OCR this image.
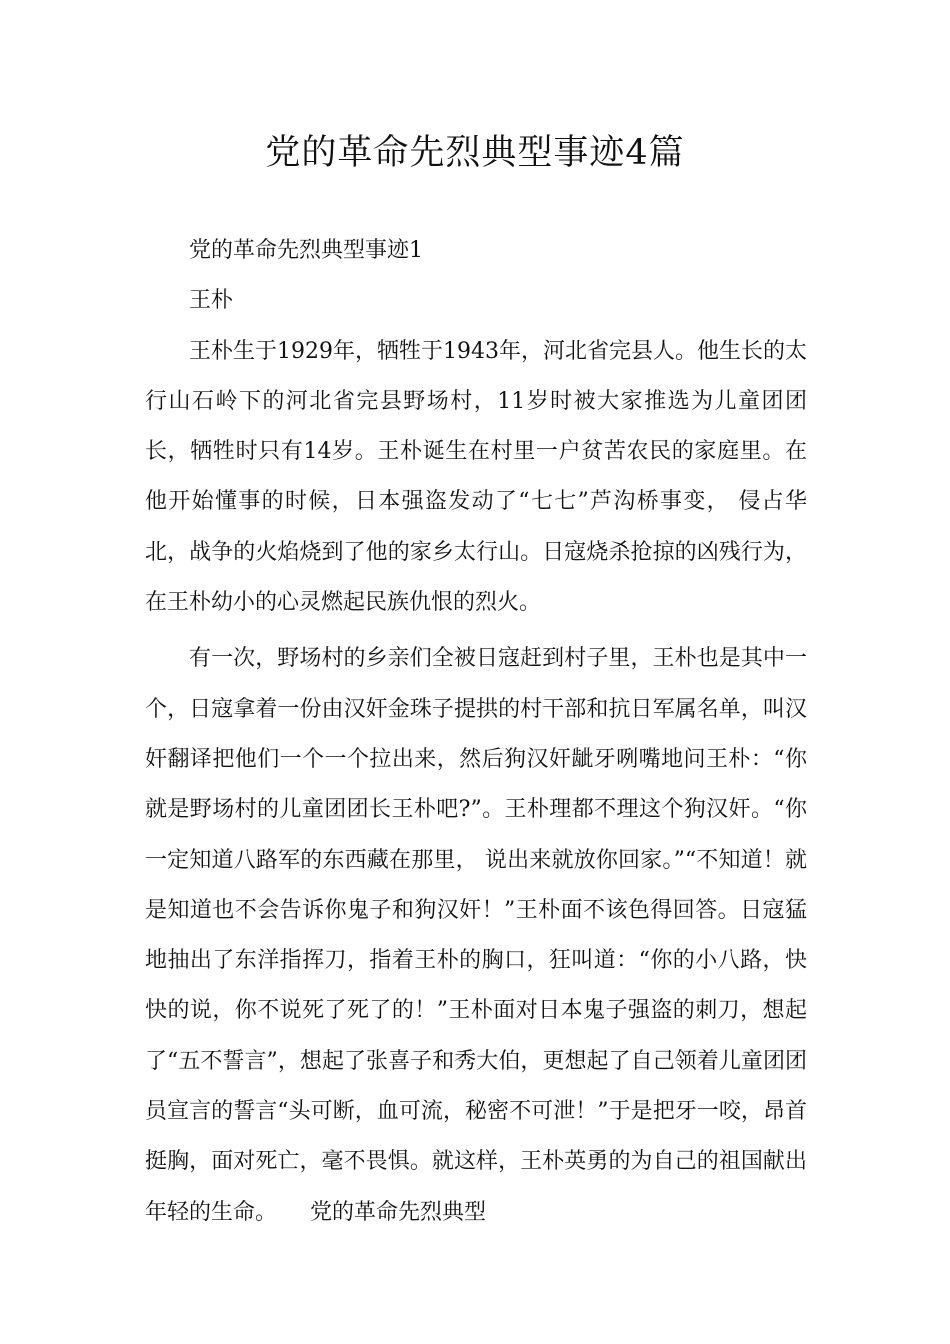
党的革命先烈典型事迹4篇

党的革命先烈典型事迹1

王朴

王朴生于1929年，牺牲于1943年，河北省完县人。他生长的太行山石岭下的河北省完县野场村，11岁时被大家推选为儿童团团长，牺牲时只有14岁。王朴诞生在村里一户贫苦农民的家庭里。在他开始懂事的时候，日本强盗发动了“七七”芦沟桥事变， 侵占华北，战争的火焰烧到了他的家乡太行山。日寇烧杀抢掠的凶残行为，在王朴幼小的心灵燃起民族仇恨的烈火。

有一次，野场村的乡亲们全被日寇赶到村子里，王朴也是其中一个，日寇拿着一份由汉奸金珠子提拱的村干部和抗日军属名单，叫汉奸翻译把他们一个一个拉出来，然后狗汉奸龇牙咧嘴地问王朴：“你就是野场村的儿童团团长王朴吧?”。王朴理都不理这个狗汉奸。“你一定知道八路军的东西藏在那里， 说出来就放你回家。”“不知道！就是知道也不会告诉你鬼子和狗汉奸！”王朴面不该色得回答。日寇猛地抽出了东洋指挥刀，指着王朴的胸口，狂叫道：“你的小八路，快快的说，你不说死了死了的！”王朴面对日本鬼子强盗的刺刀，想起了“五不誓言”，想起了张喜子和秀大伯，更想起了自己领着儿童团团员宣言的誓言“头可断，血可流，秘密不可泄！”于是把牙一咬，昂首挺胸，面对死亡，毫不畏惧。就这样，王朴英勇的为自己的祖国献出年轻的生命。　　党的革命先烈典型
